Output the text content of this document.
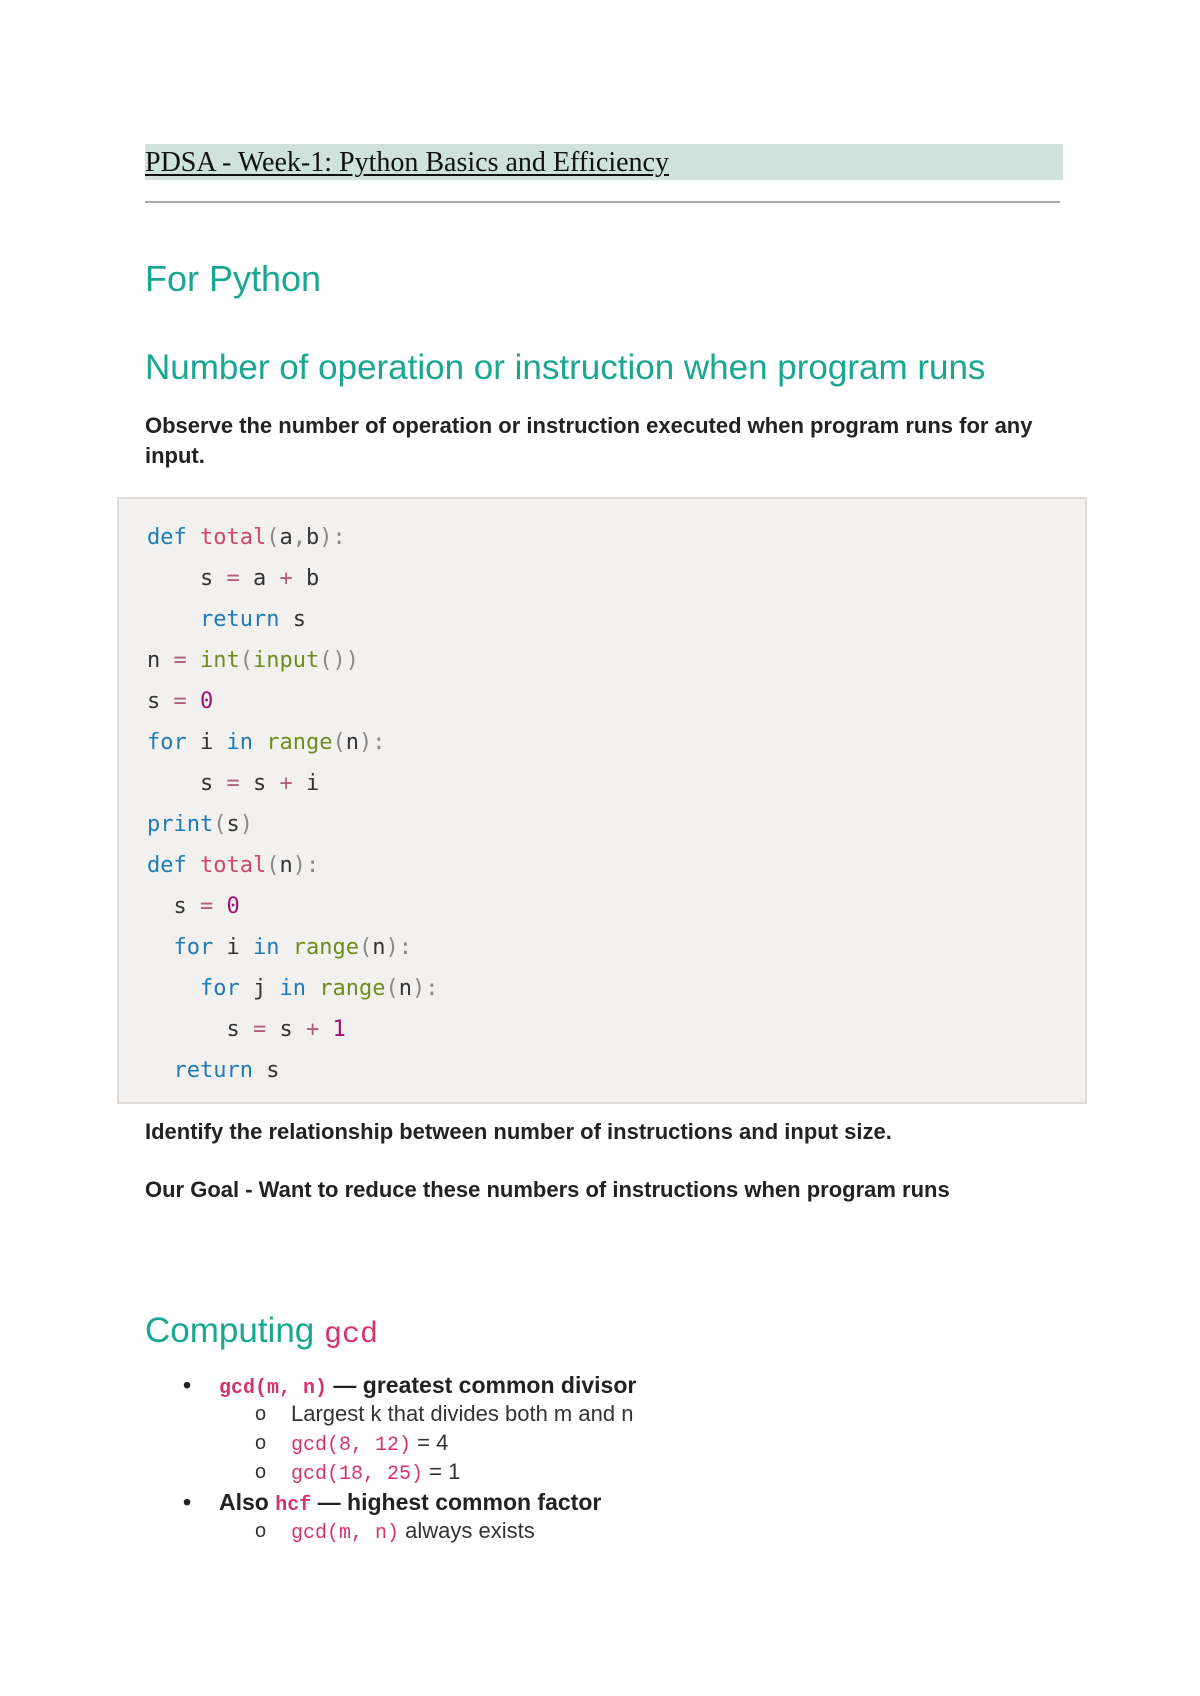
PDSA - Week-1: Python Basics and Efficiency
For Python
Number of operation or instruction when program runs

Observe the number of operation or instruction executed when program runs for any input.

def total(a,b):
s = a + b
return s
n = int(input())
s = 0
for i in range(n):
s = s + i
print(s)
def total(n):
s = 0
for i in range(n):
for j in range(n):
s = s + 1
return s

Identify the relationship between number of instructions and input size.

Our Goal - Want to reduce these numbers of instructions when program runs

Computing gcd
• gcd(m, n) — greatest common divisor
o Largest k that divides both m and n
o gcd(8, 12) = 4
o gcd(18, 25) = 1
• Also hcf — highest common factor
o gcd(m, n) always exists
